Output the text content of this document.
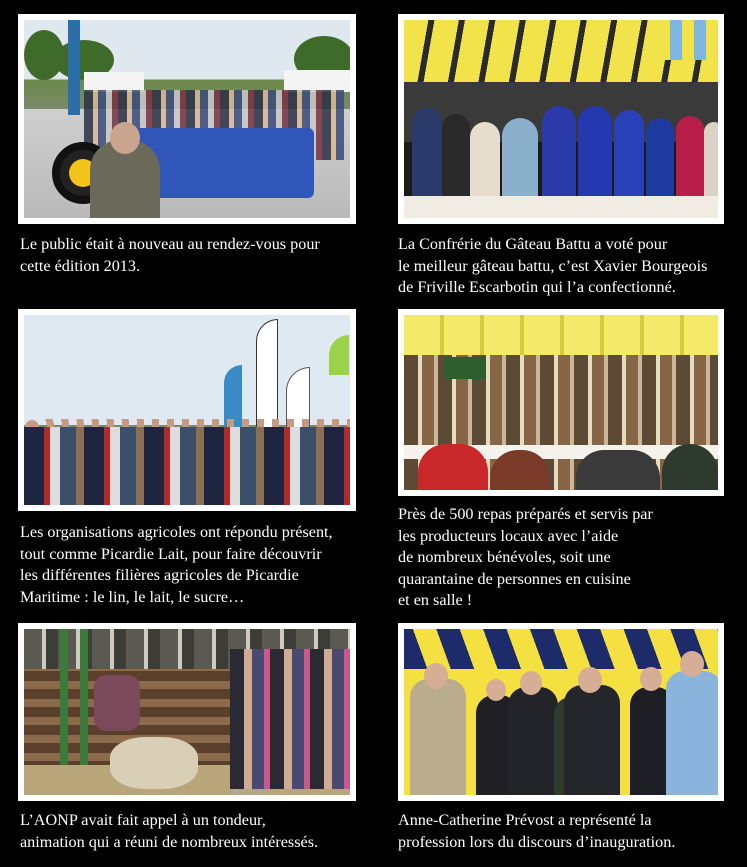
Le public était à nouveau au rendez-vous pour
cette édition 2013.

La Confrérie du Gâteau Battu a voté pour
le meilleur gâteau battu, c’est Xavier Bourgeois
de Friville Escarbotin qui l’a confectionné.

Les organisations agricoles ont répondu présent,
tout comme Picardie Lait, pour faire découvrir
les différentes filières agricoles de Picardie
Maritime : le lin, le lait, le sucre…

Près de 500 repas préparés et servis par
les producteurs locaux avec l’aide
de nombreux bénévoles, soit une
quarantaine de personnes en cuisine
et en salle !

L’AONP avait fait appel à un tondeur,
animation qui a réuni de nombreux intéressés.

Anne-Catherine Prévost a représenté la
profession lors du discours d’inauguration.
